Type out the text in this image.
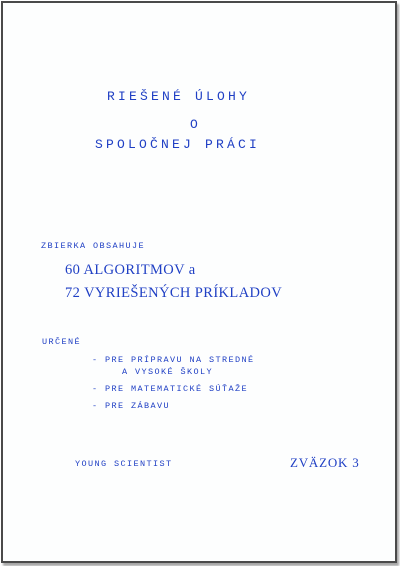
RIEŠENÉ ÚLOHY
O
SPOLOČNEJ PRÁCI
ZBIERKA OBSAHUJE
60 ALGORITMOV a
72 VYRIEŠENÝCH PRÍKLADOV
URČENÉ
- PRE PRÍPRAVU NA STREDNÉ
A VYSOKÉ ŠKOLY
- PRE MATEMATICKÉ SÚŤAŽE
- PRE ZÁBAVU
YOUNG SCIENTIST	ZVÄZOK 3
